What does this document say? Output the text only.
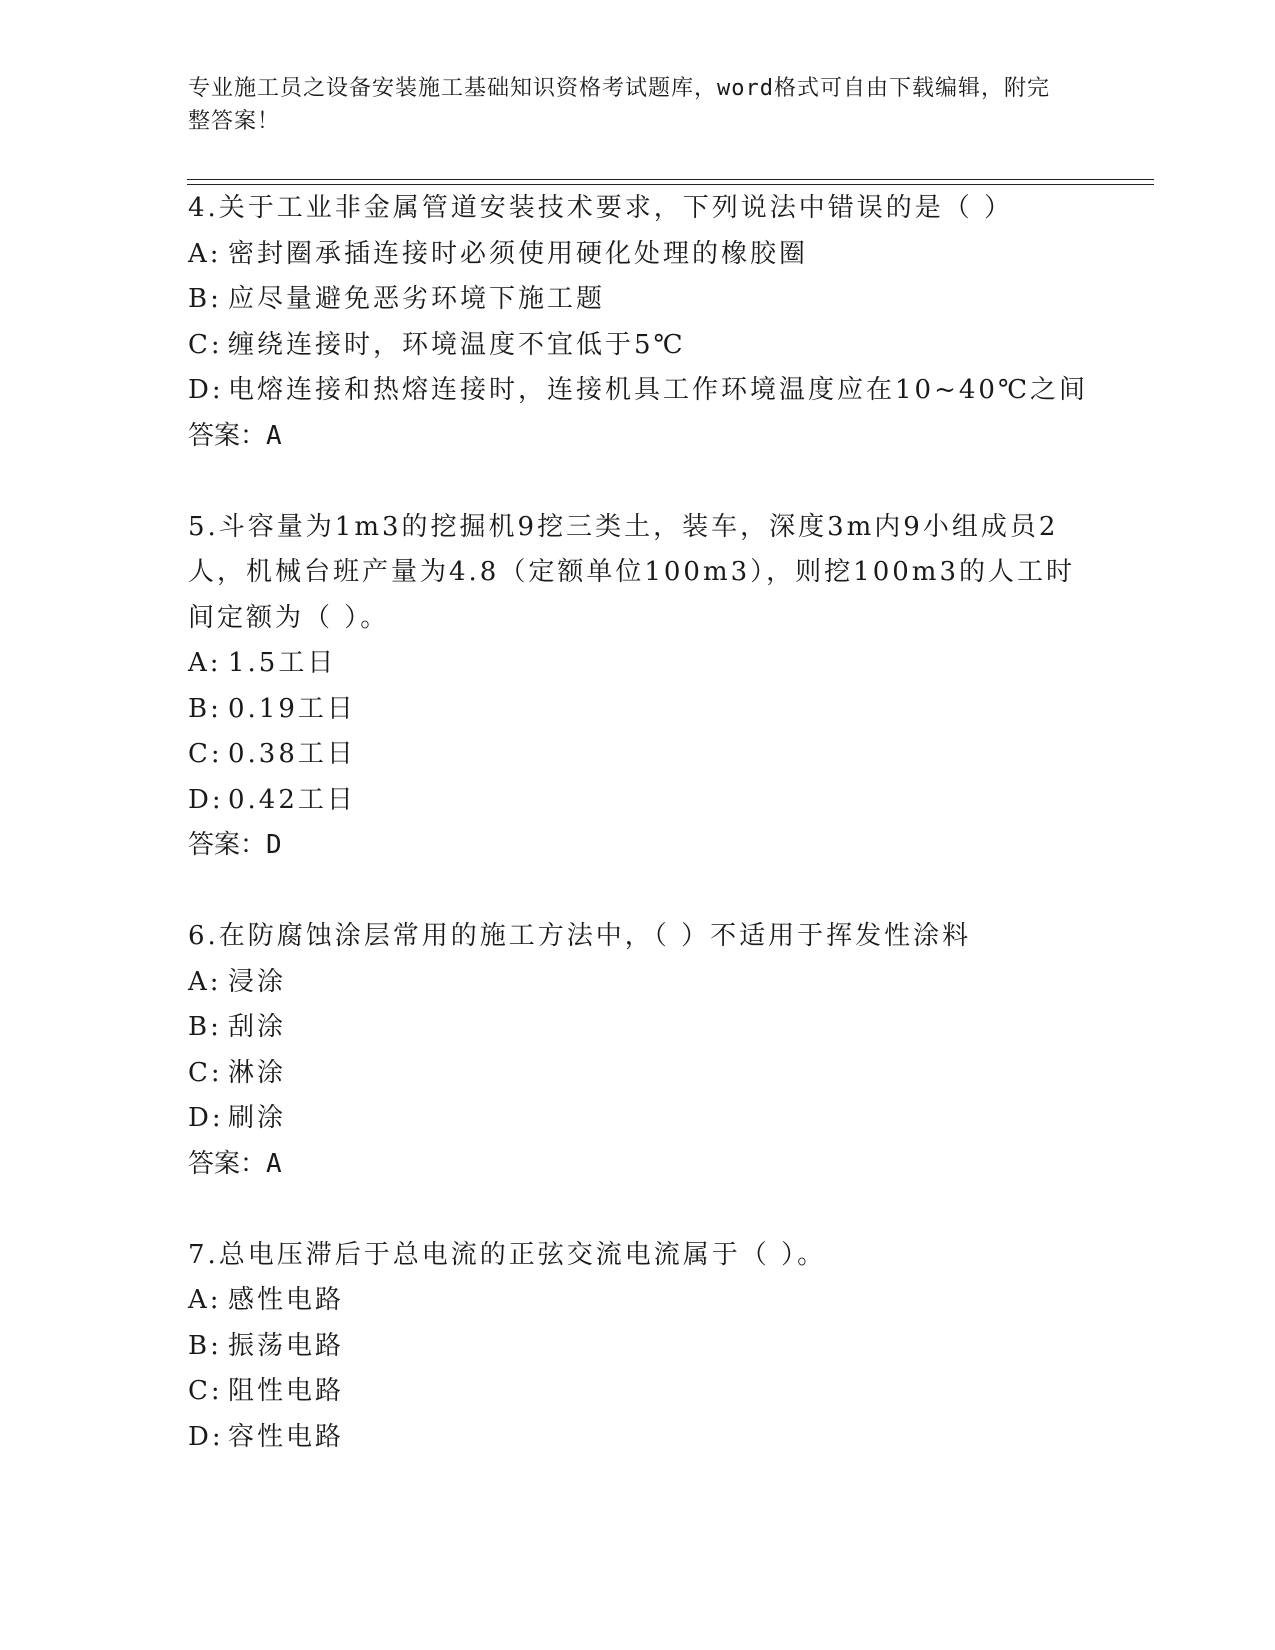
专业施工员之设备安装施工基础知识资格考试题库，word格式可自由下载编辑，附完整答案！
4.关于工业非金属管道安装技术要求，下列说法中错误的是（ ）
A: 密封圈承插连接时必须使用硬化处理的橡胶圈
B: 应尽量避免恶劣环境下施工题
C: 缠绕连接时，环境温度不宜低于5℃
D: 电熔连接和热熔连接时，连接机具工作环境温度应在10~40℃之间
答案：A
5.斗容量为1m3的挖掘机9挖三类土，装车，深度3m内9小组成员2人，机械台班产量为4.8（定额单位100m3），则挖100m3的人工时间定额为（ ）。
A: 1.5工日
B: 0.19工日
C: 0.38工日
D: 0.42工日
答案：D
6.在防腐蚀涂层常用的施工方法中，（ ）不适用于挥发性涂料
A: 浸涂
B: 刮涂
C: 淋涂
D: 刷涂
答案：A
7.总电压滞后于总电流的正弦交流电流属于（ ）。
A: 感性电路
B: 振荡电路
C: 阻性电路
D: 容性电路
